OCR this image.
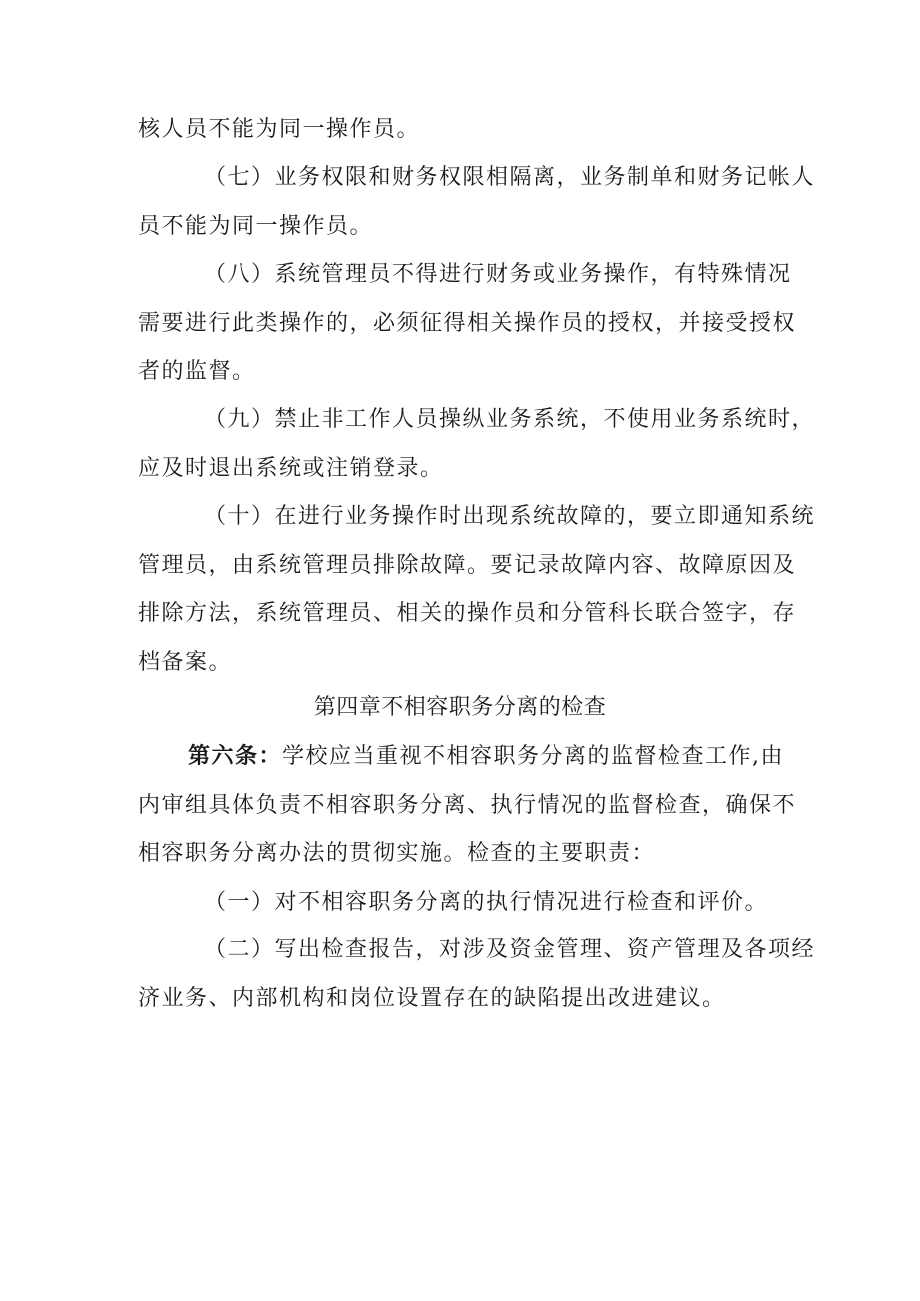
核人员不能为同一操作员。

（七）业务权限和财务权限相隔离，业务制单和财务记帐人
员不能为同一操作员。

（八）系统管理员不得进行财务或业务操作，有特殊情况
需要进行此类操作的，必须征得相关操作员的授权，并接受授权
者的监督。

（九）禁止非工作人员操纵业务系统，不使用业务系统时，
应及时退出系统或注销登录。

（十）在进行业务操作时出现系统故障的，要立即通知系统
管理员，由系统管理员排除故障。要记录故障内容、故障原因及
排除方法，系统管理员、相关的操作员和分管科长联合签字，存
档备案。

第四章不相容职务分离的检查

第六条：学校应当重视不相容职务分离的监督检查工作,由
内审组具体负责不相容职务分离、执行情况的监督检查，确保不
相容职务分离办法的贯彻实施。检查的主要职责：

（一）对不相容职务分离的执行情况进行检查和评价。

（二）写出检查报告，对涉及资金管理、资产管理及各项经
济业务、内部机构和岗位设置存在的缺陷提出改进建议。
